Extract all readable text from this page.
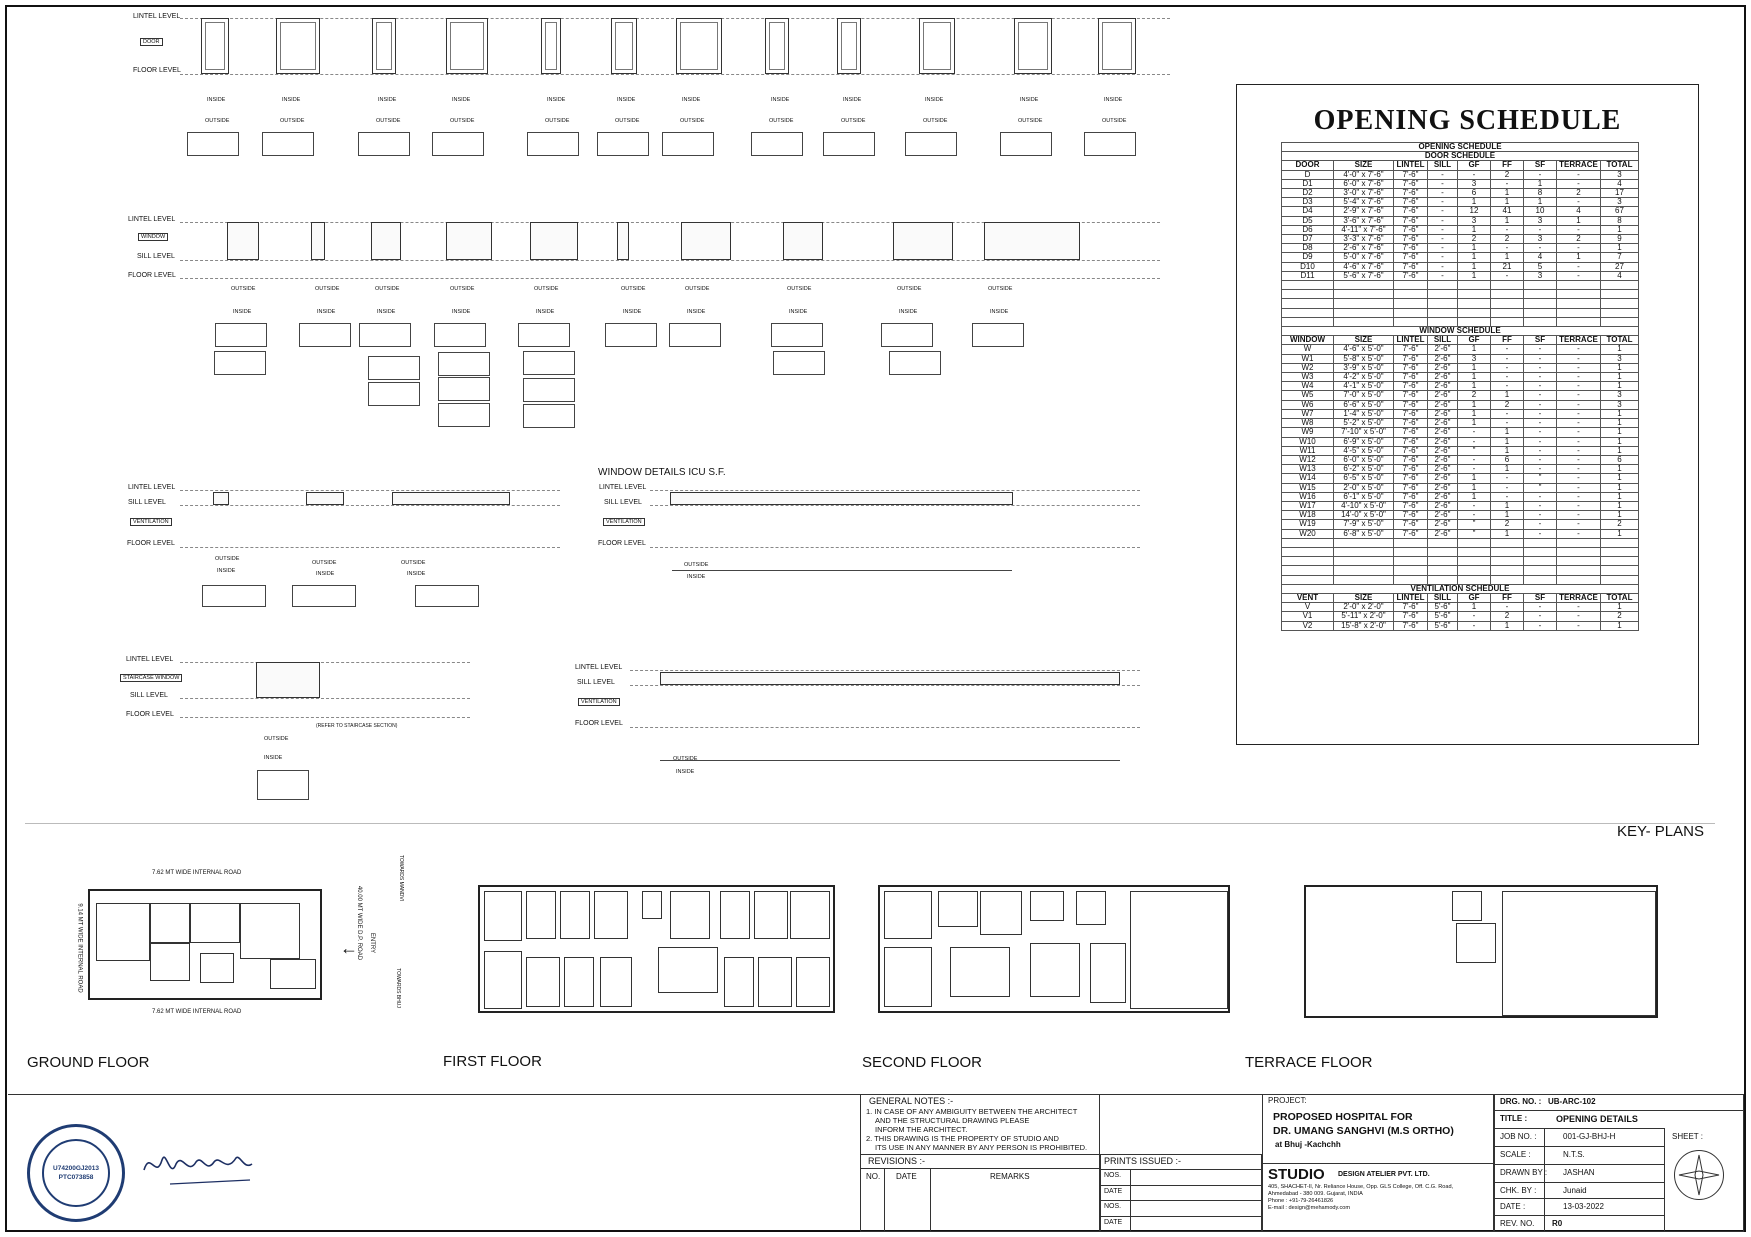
LINTEL LEVEL
FLOOR LEVEL
DOOR
LINTEL LEVEL
SILL LEVEL
FLOOR LEVEL
WINDOW
LINTEL LEVEL
SILL LEVEL
VENTILATION
FLOOR LEVEL
WINDOW DETAILS ICU S.F.
LINTEL LEVEL
SILL LEVEL
VENTILATION
FLOOR LEVEL
LINTEL LEVEL
STAIRCASE WINDOW
SILL LEVEL
FLOOR LEVEL
(REFER TO STAIRCASE SECTION)
LINTEL LEVEL
SILL LEVEL
VENTILATION
FLOOR LEVEL
INSIDE
OUTSIDE
INSIDE
OUTSIDE
INSIDE
OUTSIDE
INSIDE
OUTSIDE
INSIDE
OUTSIDE
INSIDE
OUTSIDE
INSIDE
OUTSIDE
INSIDE
OUTSIDE
INSIDE
OUTSIDE
INSIDE
OUTSIDE
INSIDE
OUTSIDE
INSIDE
OUTSIDE
OUTSIDE
INSIDE
OUTSIDE
INSIDE
OUTSIDE
INSIDE
OUTSIDE
INSIDE
OUTSIDE
INSIDE
OUTSIDE
INSIDE
OUTSIDE
INSIDE
OUTSIDE
INSIDE
OUTSIDE
INSIDE
OUTSIDE
INSIDE
OUTSIDE
INSIDE
OUTSIDE
INSIDE
OUTSIDE
INSIDE
OUTSIDE
INSIDE
OUTSIDE
INSIDE	OUTSIDE
INSIDE
OPENING SCHEDULE
OPENING SCHEDULE								
DOOR SCHEDULE								
DOOR	SIZE	LINTEL	SILL	GF	FF	SF	TERRACE	TOTAL
D	4'-0" x 7'-6"	7'-6"	-	-	2	-	-	3
D1	6'-0" x 7'-6"	7'-6"	-	3	-	1	-	4
D2	3'-0" x 7'-6"	7'-6"	-	6	1	8	2	17
D3	5'-4" x 7'-6"	7'-6"	-	1	1	1	-	3
D4	2'-9" x 7'-6"	7'-6"	-	12	41	10	4	67
D5	3'-6" x 7'-6"	7'-6"	-	3	1	3	1	8
D6	4'-11" x 7'-6"	7'-6"	-	1	-	-	-	1
D7	3'-3" x 7'-6"	7'-6"	-	2	2	3	2	9
D8	2'-6" x 7'-6"	7'-6"	-	1	-	-	-	1
D9	5'-0" x 7'-6"	7'-6"	-	1	1	4	1	7
D10	4'-6" x 7'-6"	7'-6"	-	1	21	5	-	27
D11	5'-6" x 7'-6"	7'-6"	-	1	-	3	-	4

WINDOW SCHEDULE								
WINDOW	SIZE	LINTEL	SILL	GF	FF	SF	TERRACE	TOTAL
W	4'-6" x 5'-0"	7'-6"	2'-6"	1	-	-	-	1
W1	5'-8" x 5'-0"	7'-6"	2'-6"	3	-	-	-	3
W2	3'-9" x 5'-0"	7'-6"	2'-6"	1	-	-	-	1
W3	4'-2" x 5'-0"	7'-6"	2'-6"	1	-	-	-	1
W4	4'-1" x 5'-0"	7'-6"	2'-6"	1	-	-	-	1
W5	7'-0" x 5'-0"	7'-6"	2'-6"	2	1	-	-	3
W6	6'-6" x 5'-0"	7'-6"	2'-6"	1	2	-	-	3
W7	1'-4" x 5'-0"	7'-6"	2'-6"	1	-	-	-	1
W8	5'-2" x 5'-0"	7'-6"	2'-6"	1	-	-	-	1
W9	7'-10" x 5'-0"	7'-6"	2'-6"	-	1	-	-	1
W10	6'-9" x 5'-0"	7'-6"	2'-6"	-	1	-	-	1
W11	4'-5" x 5'-0"	7'-6"	2'-6"	"	1	-	-	1
W12	6'-0" x 5'-0"	7'-6"	2'-6"	-	6	-	-	6
W13	6'-2" x 5'-0"	7'-6"	2'-6"	-	1	-	-	1
W14	6'-5" x 5'-0"	7'-6"	2'-6"	1	-	"	-	1
W15	2'-0" x 5'-0"	7'-6"	2'-6"	1	-	"	-	1
W16	6'-1" x 5'-0"	7'-6"	2'-6"	1	-	-	-	1
W17	4'-10" x 5'-0"	7'-6"	2'-6"	-	1	-	-	1
W18	14'-0" x 5'-0"	7'-6"	2'-6"	-	1	-	-	1
W19	7'-9" x 5'-0"	7'-6"	2'-6"	"	2	-	-	2
W20	6'-8" x 5'-0"	7'-6"	2'-6"	"	1	-	-	1

VENTILATION SCHEDULE								
VENT	SIZE	LINTEL	SILL	GF	FF	SF	TERRACE	TOTAL
V	2'-0" x 2'-0"	7'-6"	5'-6"	1	-	-	-	1
V1	5'-11" x 2'-0"	7'-6"	5'-6"	-	2	-	-	2
V2	15'-8" x 2'-0"	7'-6"	5'-6"	-	1	-	-	1
KEY- PLANS
7.62 MT WIDE INTERNAL ROAD
7.62 MT WIDE INTERNAL ROAD
9.14 MT WIDE INTERNAL ROAD	40.00 MT WIDE D.P. ROAD ENTRY
TOWARDS MANDVI
TOWARDS BHUJ
←
GROUND FLOOR	FIRST FLOOR	SECOND FLOOR	TERRACE FLOOR
U74200GJ2013
PTC073858
GENERAL NOTES :-
1. IN CASE OF ANY AMBIGUITY BETWEEN THE ARCHITECT
AND THE STRUCTURAL DRAWING PLEASE
INFORM THE ARCHITECT.
2. THIS DRAWING IS THE PROPERTY OF STUDIO AND
ITS USE IN ANY MANNER BY ANY PERSON IS PROHIBITED.
REVISIONS :-
NO. DATE	REMARKS
PRINTS ISSUED :-
NOS.
DATE
NOS.
DATE
PROJECT:
PROPOSED HOSPITAL FOR
DR. UMANG SANGHVI (M.S ORTHO)
at Bhuj -Kachchh
STUDIO DESIGN ATELIER PVT. LTD.
405, SHACHET-II, Nr. Reliance House, Opp. GLS College, Off. C.G. Road,
Ahmedabad - 380 009. Gujarat, INDIA
Phone : +91-79-26461826
E-mail : design@mehamody.com
DRG. NO. : UB-ARC-102
TITLE :	OPENING DETAILS
JOB NO. :	001-GJ-BHJ-H	SHEET :
SCALE :	N.T.S.
DRAWN BY : JASHAN
CHK. BY :	Junaid
DATE :	13-03-2022
REV. NO. R0
